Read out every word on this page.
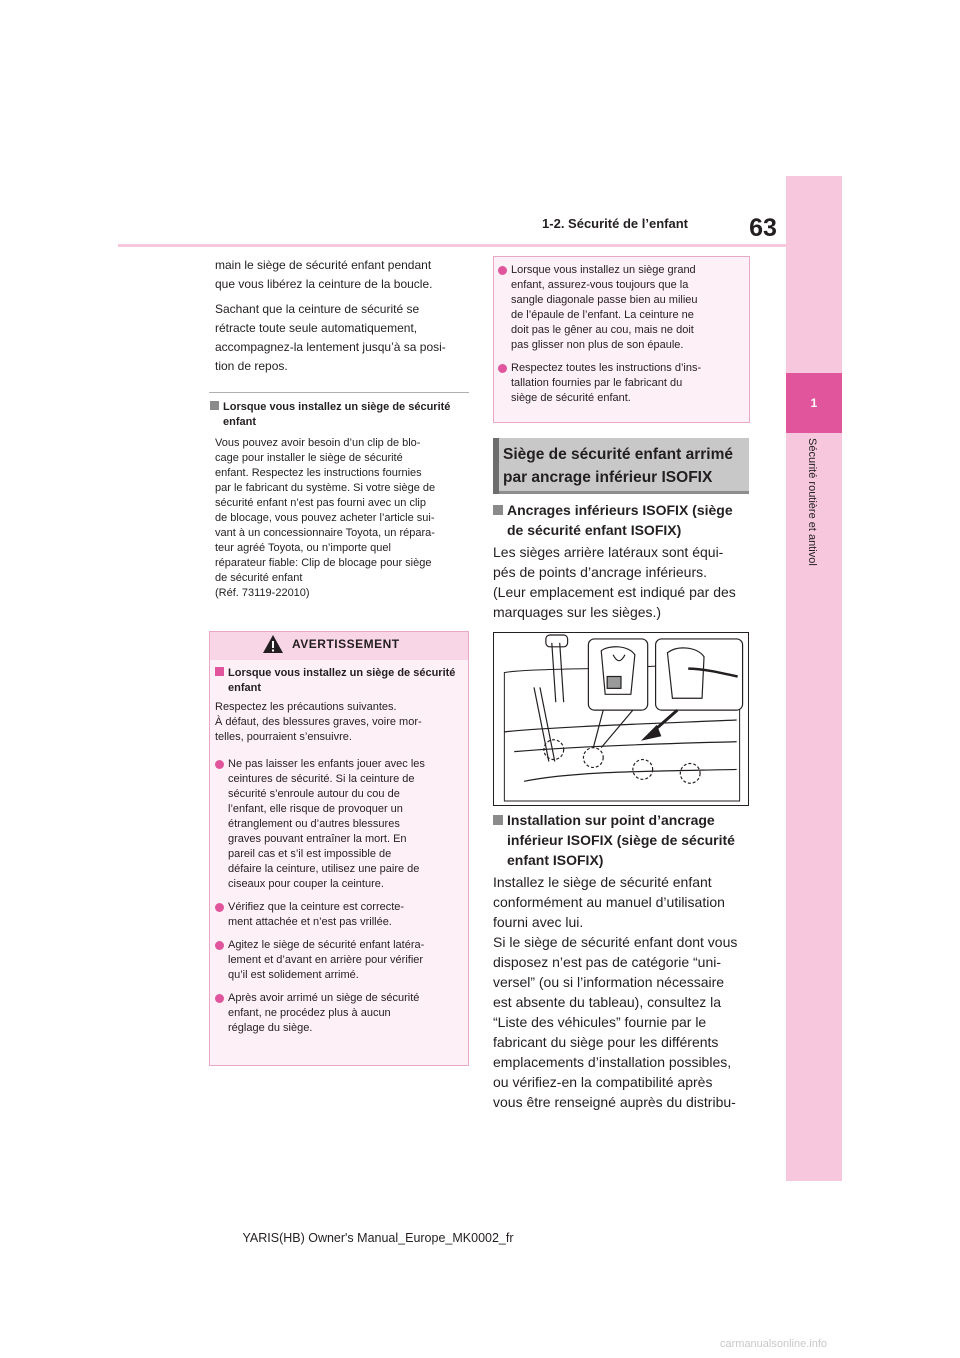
1-2. Sécurité de l’enfant	63
1
Sécurité routière et antivol

main le siège de sécurité enfant pendant

que vous libérez la ceinture de la boucle.

Sachant que la ceinture de sécurité se

rétracte toute seule automatiquement,

accompagnez-la lentement jusqu’à sa posi-

tion de repos.

Lorsque vous installez un siège de sécurité enfant
Vous pouvez avoir besoin d’un clip de blo-
cage pour installer le siège de sécurité
enfant. Respectez les instructions fournies
par le fabricant du système. Si votre siège de
sécurité enfant n’est pas fourni avec un clip
de blocage, vous pouvez acheter l’article sui-
vant à un concessionnaire Toyota, un répara-
teur agréé Toyota, ou n’importe quel
réparateur fiable: Clip de blocage pour siège
de sécurité enfant
(Réf. 73119-22010)
AVERTISSEMENT
Lorsque vous installez un siège de sécurité enfant
Respectez les précautions suivantes.
À défaut, des blessures graves, voire mor-
telles, pourraient s’ensuivre.
Ne pas laisser les enfants jouer avec les
ceintures de sécurité. Si la ceinture de
sécurité s’enroule autour du cou de
l’enfant, elle risque de provoquer un
étranglement ou d’autres blessures
graves pouvant entraîner la mort. En
pareil cas et s’il est impossible de
défaire la ceinture, utilisez une paire de
ciseaux pour couper la ceinture.
Vérifiez que la ceinture est correcte-
ment attachée et n’est pas vrillée.
Agitez le siège de sécurité enfant latéra-
lement et d’avant en arrière pour vérifier
qu’il est solidement arrimé.
Après avoir arrimé un siège de sécurité
enfant, ne procédez plus à aucun
réglage du siège.
Lorsque vous installez un siège grand
enfant, assurez-vous toujours que la
sangle diagonale passe bien au milieu
de l’épaule de l’enfant. La ceinture ne
doit pas le gêner au cou, mais ne doit
pas glisser non plus de son épaule.
Respectez toutes les instructions d’ins-
tallation fournies par le fabricant du
siège de sécurité enfant.
Siège de sécurité enfant arrimé
par ancrage inférieur ISOFIX
Ancrages inférieurs ISOFIX (siège de sécurité enfant ISOFIX)
Les sièges arrière latéraux sont équi-
pés de points d’ancrage inférieurs.
(Leur emplacement est indiqué par des
marquages sur les sièges.)
Installation sur point d’ancrage inférieur ISOFIX (siège de sécurité enfant ISOFIX)
Installez le siège de sécurité enfant
conformément au manuel d’utilisation
fourni avec lui.
Si le siège de sécurité enfant dont vous
disposez n’est pas de catégorie “uni-
versel” (ou si l’information nécessaire
est absente du tableau), consultez la
“Liste des véhicules” fournie par le
fabricant du siège pour les différents
emplacements d’installation possibles,
ou vérifiez-en la compatibilité après
vous être renseigné auprès du distribu-
YARIS(HB) Owner's Manual_Europe_MK0002_fr
carmanualsonline.info
